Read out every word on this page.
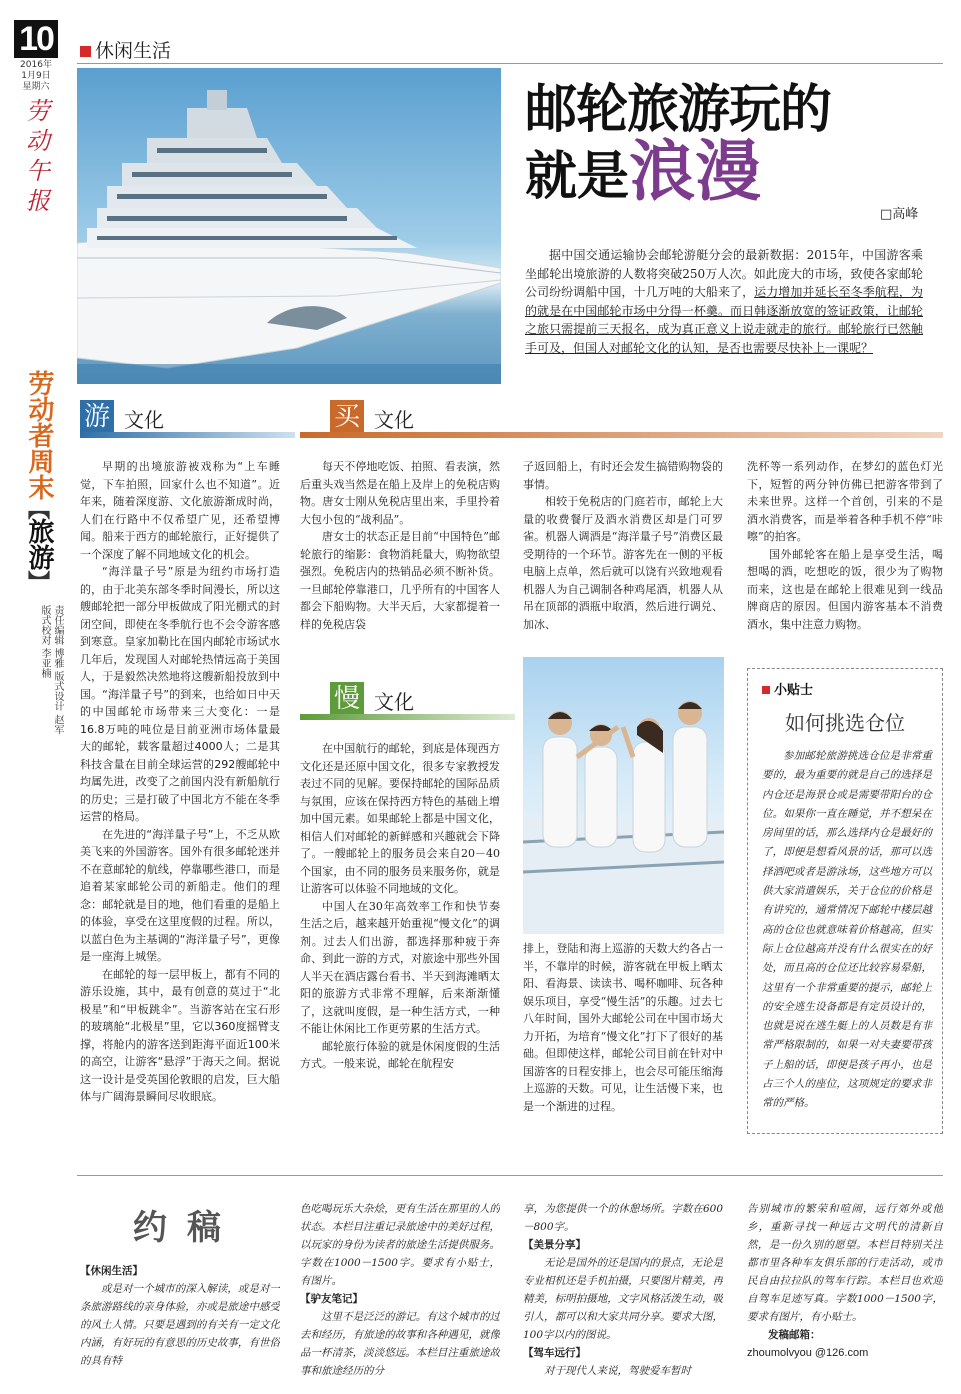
10
2016年
1月9日
星期六
劳动午报
劳动者周末
︻
旅游
︼
责任编辑 博雅 版式设计 赵军 版式校对 李亚楠
休闲生活
邮轮旅游玩的
就是浪漫
□高峰
据中国交通运输协会邮轮游艇分会的最新数据：2015年，中国游客乘坐邮轮出境旅游的人数将突破250万人次。如此庞大的市场，致使各家邮轮公司纷纷调船中国，十几万吨的大船来了，运力增加并延长至冬季航程，为的就是在中国邮轮市场中分得一杯羹。而日韩逐渐放宽的签证政策，让邮轮之旅只需提前三天报名，成为真正意义上说走就走的旅行。邮轮旅行已然触手可及，但国人对邮轮文化的认知，是否也需要尽快补上一课呢？
游 文化	买 文化
慢 文化

早期的出境旅游被戏称为“上车睡觉，下车拍照，回家什么也不知道”。近年来，随着深度游、文化旅游渐成时尚，人们在行路中不仅希望广见，还希望博闻。船来于西方的邮轮旅行，正好提供了一个深度了解不同地域文化的机会。

“海洋量子号”原是为纽约市场打造的，由于北美东部冬季时间漫长，所以这艘邮轮把一部分甲板做成了阳光棚式的封闭空间，即使在冬季航行也不会令游客感到寒意。皇家加勒比在国内邮轮市场试水几年后，发现国人对邮轮热情远高于美国人，于是毅然决然地将这艘新船投放到中国。“海洋量子号”的到来，也给如日中天的中国邮轮市场带来三大变化：一是16.8万吨的吨位是目前亚洲市场体量最大的邮轮，载客量超过4000人；二是其科技含量在目前全球运营的292艘邮轮中均属先进，改变了之前国内没有新船航行的历史；三是打破了中国北方不能在冬季运营的格局。

在先进的“海洋量子号”上，不乏从欧美飞来的外国游客。国外有很多邮轮迷并不在意邮轮的航线，停靠哪些港口，而是追着某家邮轮公司的新船走。他们的理念：邮轮就是目的地，他们看重的是船上的体验，享受在这里度假的过程。所以，以蓝白色为主基调的“海洋量子号”，更像是一座海上城堡。

在邮轮的每一层甲板上，都有不同的游乐设施，其中，最有创意的莫过于“北极星”和“甲板跳伞”。当游客站在宝石形的玻璃舱“北极星”里，它以360度摇臂支撑，将舱内的游客送到距海平面近100米的高空，让游客“悬浮”于海天之间。据说这一设计是受英国伦敦眼的启发，巨大船体与广阔海景瞬间尽收眼底。

每天不停地吃饭、拍照、看表演，然后重头戏当然是在船上及岸上的免税店购物。唐女士刚从免税店里出来，手里拎着大包小包的“战利品”。

唐女士的状态正是目前“中国特色”邮轮旅行的缩影：食物消耗量大，购物欲望强烈。免税店内的热销品必须不断补货。一旦邮轮停靠港口，几乎所有的中国客人都会下船购物。大半天后，大家都提着一样的免税店袋

子返回船上，有时还会发生搞错购物袋的事情。

相较于免税店的门庭若市，邮轮上大量的收费餐厅及酒水消费区却是门可罗雀。机器人调酒是“海洋量子号”消费区最受期待的一个环节。游客先在一侧的平板电脑上点单，然后就可以饶有兴致地观看机器人为自己调制各种鸡尾酒，机器人从吊在顶部的酒瓶中取酒，然后进行调兑、加冰、

洗杯等一系列动作，在梦幻的蓝色灯光下，短暂的两分钟仿佛已把游客带到了未来世界。这样一个首创，引来的不是酒水消费客，而是举着各种手机不停“咔嚓”的拍客。

国外邮轮客在船上是享受生活，喝想喝的酒，吃想吃的饭，很少为了购物而来，这也是在邮轮上很难见到一线品牌商店的原因。但国内游客基本不消费酒水，集中注意力购物。

在中国航行的邮轮，到底是体现西方文化还是还原中国文化，很多专家教授发表过不同的见解。要保持邮轮的国际品质与氛围，应该在保持西方特色的基础上增加中国元素。如果邮轮上都是中国文化，相信人们对邮轮的新鲜感和兴趣就会下降了。一艘邮轮上的服务员会来自20－40个国家，由不同的服务员来服务你，就是让游客可以体验不同地域的文化。

中国人在30年高效率工作和快节奏生活之后，越来越开始重视“慢文化”的调剂。过去人们出游，都选择那种疲于奔命、到此一游的方式，对旅途中那些外国人半天在酒店露台看书、半天到海滩晒太阳的旅游方式非常不理解，后来渐渐懂了，这就叫度假，是一种生活方式，一种不能让休闲比工作更劳累的生活方式。

邮轮旅行体验的就是休闲度假的生活方式。一般来说，邮轮在航程安

排上，登陆和海上巡游的天数大约各占一半，不靠岸的时候，游客就在甲板上晒太阳、看海景、读读书、喝杯咖啡、玩各种娱乐项目，享受“慢生活”的乐趣。过去七八年时间，国外大邮轮公司在中国市场大力开拓，为培育“慢文化”打下了很好的基础。但即使这样，邮轮公司目前在针对中国游客的日程安排上，也会尽可能压缩海上巡游的天数。可见，让生活慢下来，也是一个渐进的过程。

小贴士
如何挑选仓位
参加邮轮旅游挑选仓位是非常重要的，最为重要的就是自己的选择是内仓还是海景仓或是需要带阳台的仓位。如果你一直在睡觉，并不想呆在房间里的话，那么选择内仓是最好的了，即便是想看风景的话，那可以选择酒吧或者是游泳场，这些地方可以供大家消遣娱乐，关于仓位的价格是有讲究的，通常情况下邮轮中楼层越高的仓位也就意味着价格越高，但实际上仓位越高并没有什么很实在的好处，而且高的仓位还比较容易晕船，这里有一个非常重要的提示，邮轮上的安全逃生设备都是有定员设计的，也就是说在逃生艇上的人员数是有非常严格限制的，如果一对夫妻要带孩子上船的话，即便是孩子再小，也是占三个人的座位，这项规定的要求非常的严格。
约稿

【休闲生活】

或是对一个城市的深入解读，或是对一条旅游路线的亲身体验，亦或是旅途中感受的风土人情。只要是遇到的有关有一定文化内涵，有好玩的有意思的历史故事，有世俗的具有特

色吃喝玩乐大杂烩，更有生活在那里的人的状态。本栏目注重记录旅途中的美好过程，以玩家的身份为读者的旅途生活提供服务。字数在1000－1500字。要求有小贴士，有图片。

【驴友笔记】

这里不是泛泛的游记。有这个城市的过去和经历，有旅途的故事和各种遇见，就像品一杯清茶，淡淡悠远。本栏目注重旅途故事和旅途经历的分

享，为您提供一个的休憩场所。字数在600－800字。

【美景分享】

无论是国外的还是国内的景点，无论是专业相机还是手机拍摄，只要图片精美，再精美，标明拍摄地，文字风格活泼生动，吸引人，都可以和大家共同分享。要求大图，100字以内的图说。

【驾车远行】

对于现代人来说，驾驶爱车暂时

告别城市的繁荣和喧闹，远行郊外或他乡，重新寻找一种远古文明代的清新自然，是一份久别的愿望。本栏目特别关注都市里各种车友俱乐部的行走活动，或市民自由拉拉队的驾车行踪。本栏目也欢迎自驾车足迹写真。字数1000－1500字，要求有图片，有小贴士。

发稿邮箱：

zhoumolvyou @126.com
